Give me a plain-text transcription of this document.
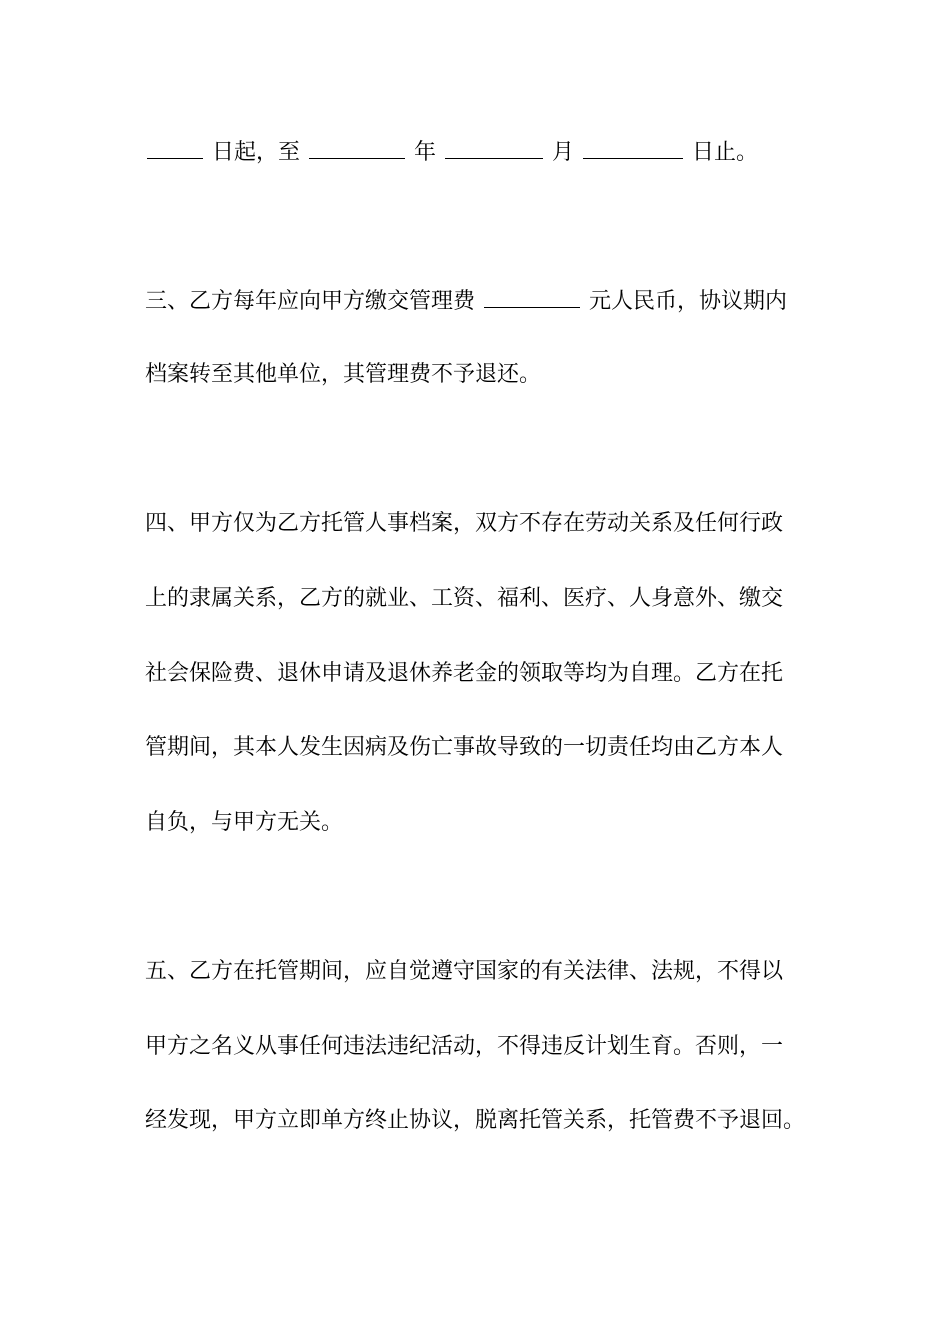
日起，至	年	月	日止。
三、乙方每年应向甲方缴交管理费	元人民币，协议期内
档案转至其他单位，其管理费不予退还。
四、甲方仅为乙方托管人事档案，双方不存在劳动关系及任何行政
上的隶属关系，乙方的就业、工资、福利、医疗、人身意外、缴交
社会保险费、退休申请及退休养老金的领取等均为自理。乙方在托
管期间，其本人发生因病及伤亡事故导致的一切责任均由乙方本人
自负，与甲方无关。
五、乙方在托管期间，应自觉遵守国家的有关法律、法规，不得以
甲方之名义从事任何违法违纪活动，不得违反计划生育。否则，一
经发现，甲方立即单方终止协议，脱离托管关系，托管费不予退回。
